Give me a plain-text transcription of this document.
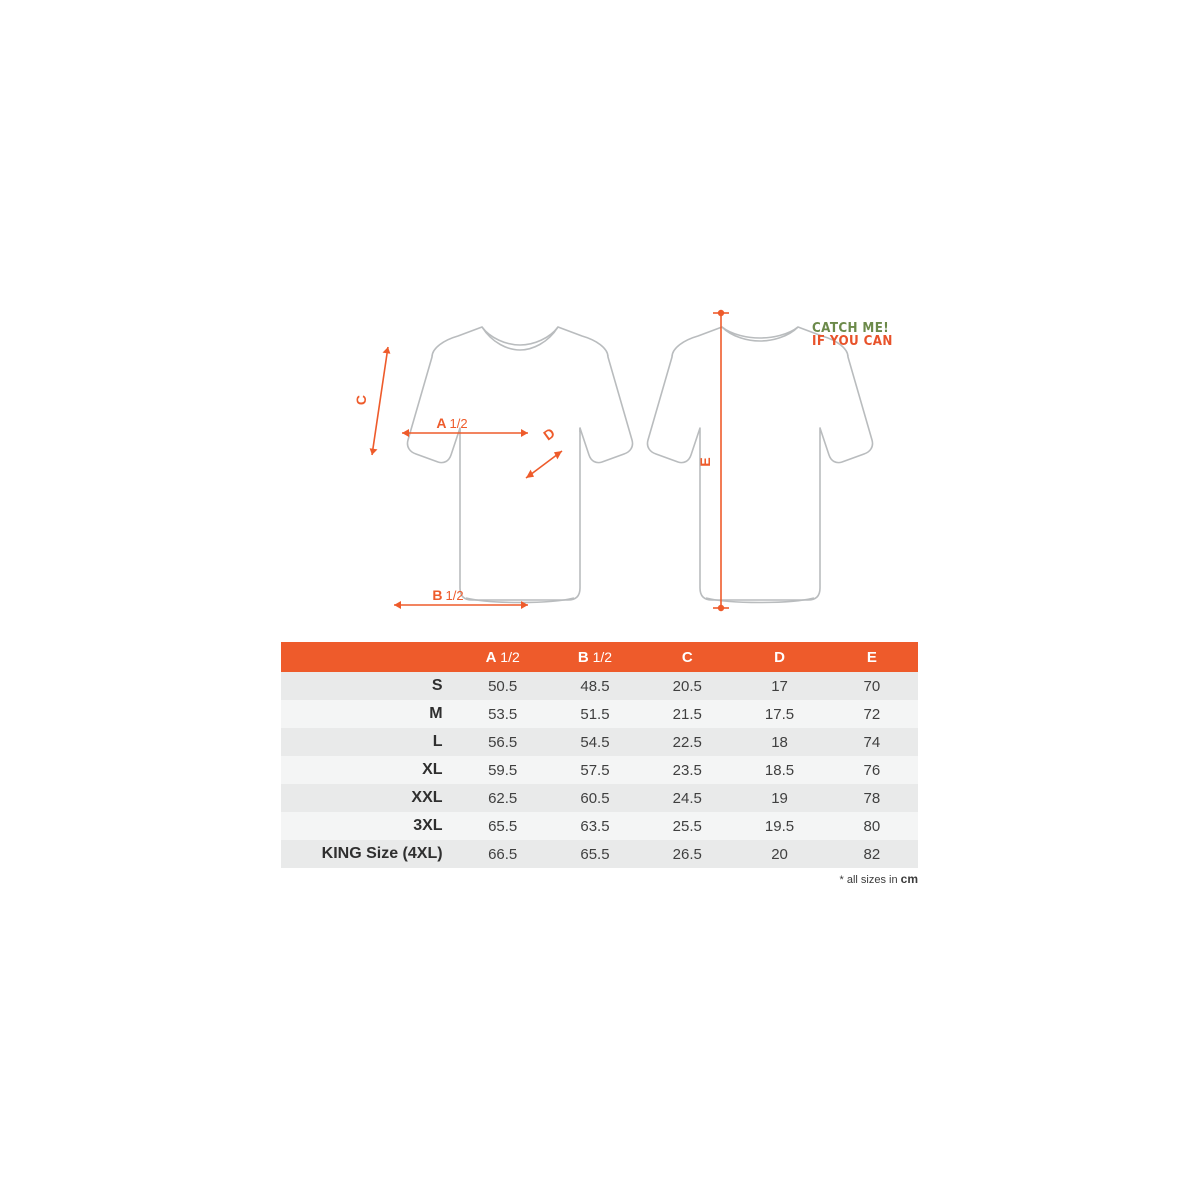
A 1/2
B 1/2
C
D
E
CATCH ME!
IF YOU CAN
	A 1/2	B 1/2	C	D	E
S	50.5	48.5	20.5	17	70
M	53.5	51.5	21.5	17.5	72
L	56.5	54.5	22.5	18	74
XL	59.5	57.5	23.5	18.5	76
XXL	62.5	60.5	24.5	19	78
3XL	65.5	63.5	25.5	19.5	80
KING Size (4XL)	66.5	65.5	26.5	20	82
* all sizes in cm
